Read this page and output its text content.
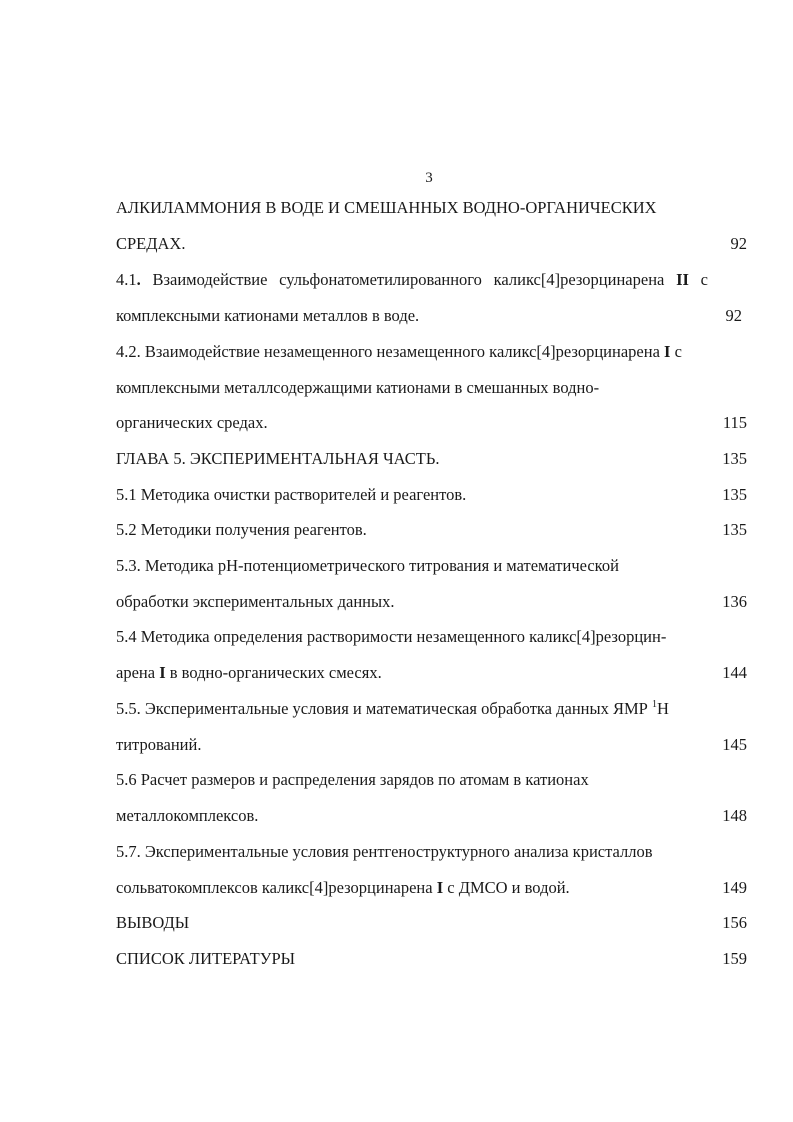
3
АЛКИЛАММОНИЯ В ВОДЕ И СМЕШАННЫХ ВОДНО-ОРГАНИЧЕСКИХ
СРЕДАХ.	92
4.1. Взаимодействие сульфонатометилированного каликс[4]резорцинарена II с
комплексными катионами металлов в воде.	92
4.2. Взаимодействие незамещенного незамещенного каликс[4]резорцинарена I с
комплексными металлсодержащими катионами в смешанных водно-
органических средах.	115
ГЛАВА 5. ЭКСПЕРИМЕНТАЛЬНАЯ ЧАСТЬ.	135
5.1 Методика очистки растворителей и реагентов.	135
5.2 Методики получения реагентов.	135
5.3. Методика рН-потенциометрического титрования и математической
обработки экспериментальных данных.	136
5.4 Методика определения растворимости незамещенного каликс[4]резорцин-
арена I в водно-органических смесях.	144
5.5. Экспериментальные условия и математическая обработка данных ЯМР $^1$Н
титрований.	145
5.6 Расчет размеров и распределения зарядов по атомам в катионах
металлокомплексов.	148
5.7. Экспериментальные условия рентгеноструктурного анализа кристаллов
сольватокомплексов каликс[4]резорцинарена I с ДМСО и водой.	149
ВЫВОДЫ	156
СПИСОК ЛИТЕРАТУРЫ	159
